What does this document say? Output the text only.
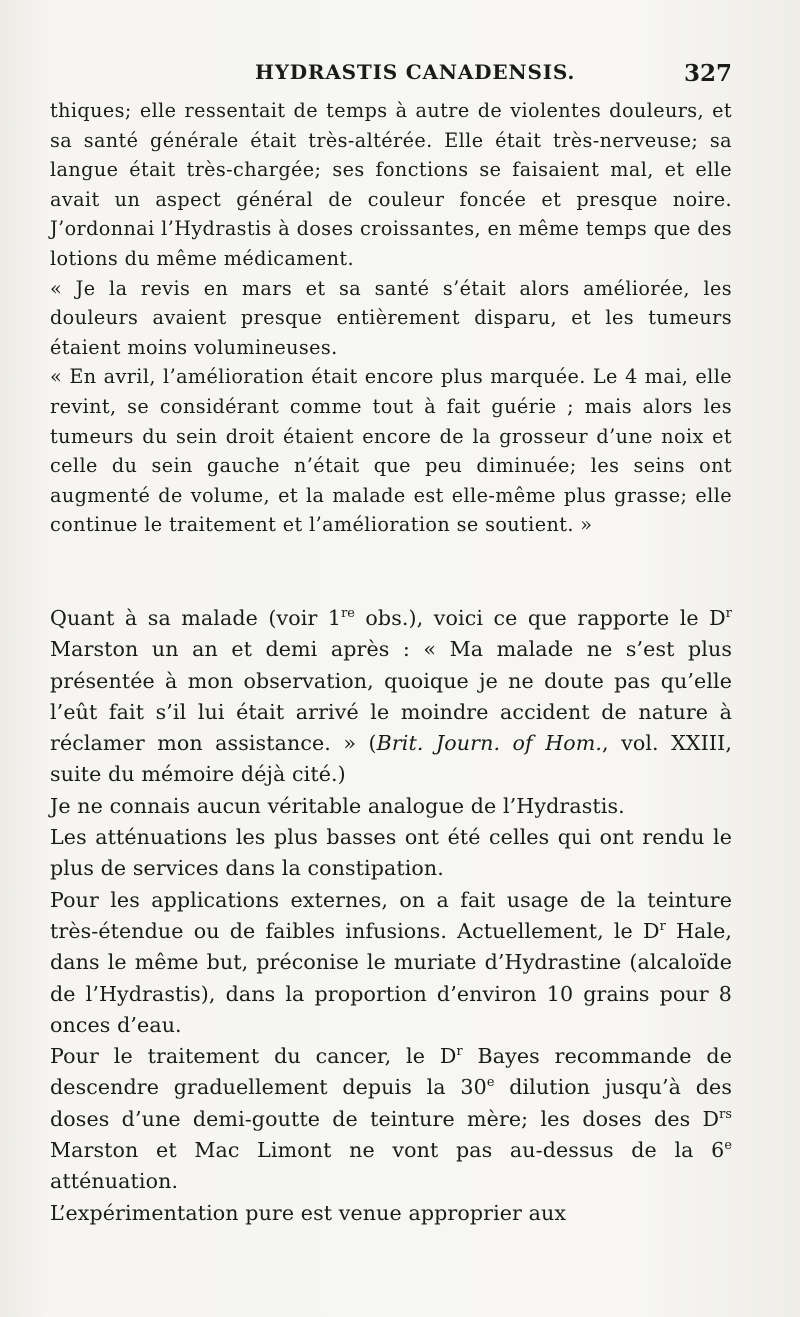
HYDRASTIS CANADENSIS.	327

thiques; elle ressentait de temps à autre de violentes douleurs, et sa santé générale était très-altérée. Elle était très-nerveuse; sa langue était très-chargée; ses fonctions se faisaient mal, et elle avait un aspect général de couleur foncée et presque noire. J’ordonnai l’Hydrastis à doses croissantes, en même temps que des lotions du même médicament.

« Je la revis en mars et sa santé s’était alors améliorée, les douleurs avaient presque entièrement disparu, et les tumeurs étaient moins volumineuses.

« En avril, l’amélioration était encore plus marquée. Le 4 mai, elle revint, se considérant comme tout à fait guérie ; mais alors les tumeurs du sein droit étaient encore de la grosseur d’une noix et celle du sein gauche n’était que peu diminuée; les seins ont augmenté de volume, et la malade est elle-même plus grasse; elle continue le traitement et l’amélioration se soutient. »

Quant à sa malade (voir 1re obs.), voici ce que rapporte le $D^r$ Marston un an et demi après : « Ma malade ne s’est plus présentée à mon observation, quoique je ne doute pas qu’elle l’eût fait s’il lui était arrivé le moindre accident de nature à réclamer mon assistance. » (Brit. Journ. of Hom., vol. XXIII, suite du mémoire déjà cité.)

Je ne connais aucun véritable analogue de l’Hydrastis.

Les atténuations les plus basses ont été celles qui ont rendu le plus de services dans la constipation.

Pour les applications externes, on a fait usage de la teinture très-étendue ou de faibles infusions. Actuellement, le $D^r$ Hale, dans le même but, préconise le muriate d’Hydrastine (alcaloïde de l’Hydrastis), dans la proportion d’environ 10 grains pour 8 onces d’eau.

Pour le traitement du cancer, le $D^r$ Bayes recommande de descendre graduellement depuis la 30e dilution jusqu’à des doses d’une demi-goutte de teinture mère; les doses des $D^{rs}$ Marston et Mac Limont ne vont pas au-dessus de la 6e atténuation.

L’expérimentation pure est venue approprier aux
